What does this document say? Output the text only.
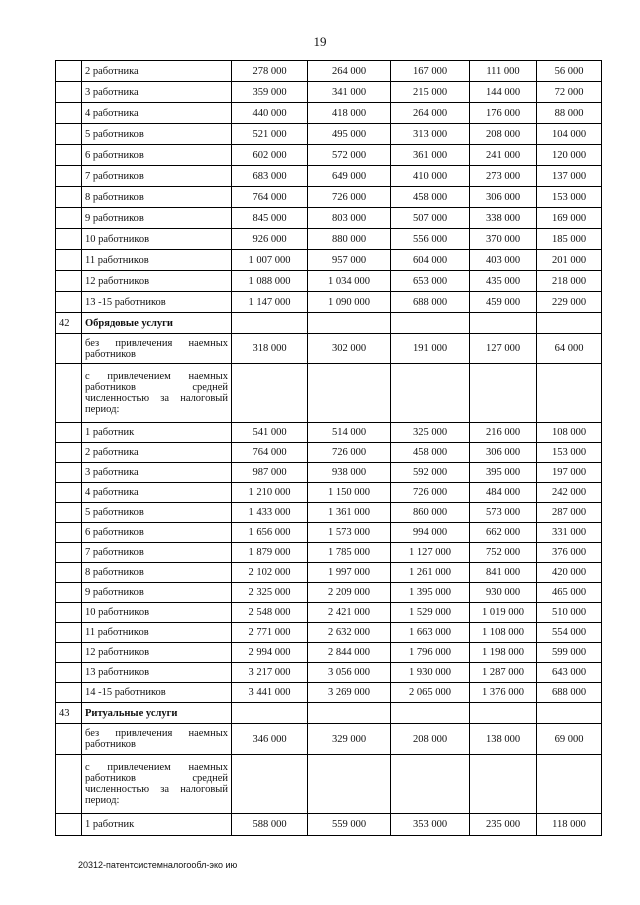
19
	2 работника	278 000	264 000	167 000	111 000	56 000
	3 работника	359 000	341 000	215 000	144 000	72 000
	4 работника	440 000	418 000	264 000	176 000	88 000
	5 работников	521 000	495 000	313 000	208 000	104 000
	6 работников	602 000	572 000	361 000	241 000	120 000
	7 работников	683 000	649 000	410 000	273 000	137 000
	8 работников	764 000	726 000	458 000	306 000	153 000
	9 работников	845 000	803 000	507 000	338 000	169 000
	10 работников	926 000	880 000	556 000	370 000	185 000
	11 работников	1 007 000	957 000	604 000	403 000	201 000
	12 работников	1 088 000	1 034 000	653 000	435 000	218 000
	13 -15 работников	1 147 000	1 090 000	688 000	459 000	229 000
42	Обрядовые услуги					
	без привлечения наемных работников	318 000	302 000	191 000	127 000	64 000
	с привлечением наемных работников средней численностью за налоговый период:					
	1 работник	541 000	514 000	325 000	216 000	108 000
	2 работника	764 000	726 000	458 000	306 000	153 000
	3 работника	987 000	938 000	592 000	395 000	197 000
	4 работника	1 210 000	1 150 000	726 000	484 000	242 000
	5 работников	1 433 000	1 361 000	860 000	573 000	287 000
	6 работников	1 656 000	1 573 000	994 000	662 000	331 000
	7 работников	1 879 000	1 785 000	1 127 000	752 000	376 000
	8 работников	2 102 000	1 997 000	1 261 000	841 000	420 000
	9 работников	2 325 000	2 209 000	1 395 000	930 000	465 000
	10 работников	2 548 000	2 421 000	1 529 000	1 019 000	510 000
	11 работников	2 771 000	2 632 000	1 663 000	1 108 000	554 000
	12 работников	2 994 000	2 844 000	1 796 000	1 198 000	599 000
	13 работников	3 217 000	3 056 000	1 930 000	1 287 000	643 000
	14 -15 работников	3 441 000	3 269 000	2 065 000	1 376 000	688 000
43	Ритуальные услуги					
	без привлечения наемных работников	346 000	329 000	208 000	138 000	69 000
	с привлечением наемных работников средней численностью за налоговый период:					
	1 работник	588 000	559 000	353 000	235 000	118 000
20312-патентсистемналогообл-эко ию
